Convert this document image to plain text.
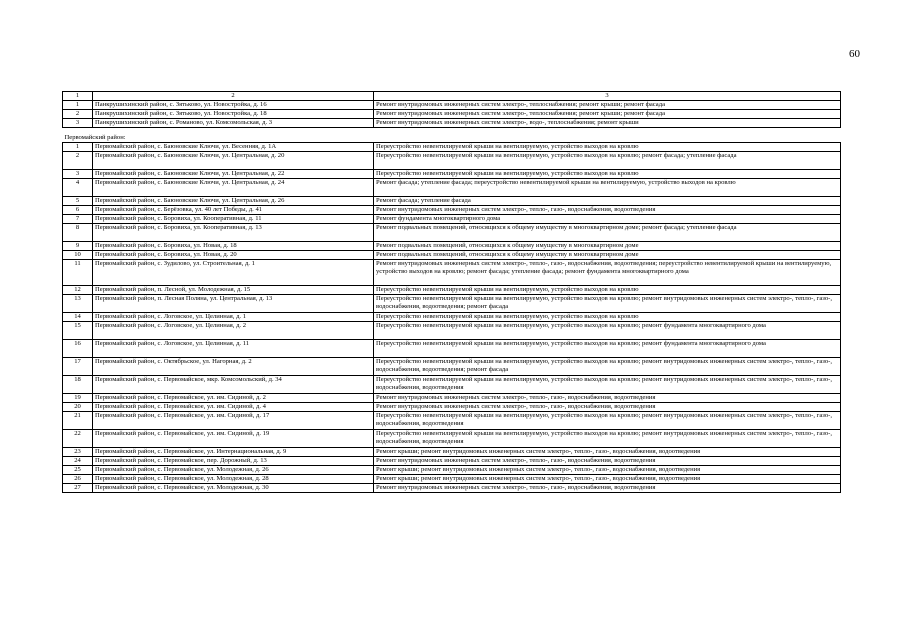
60
1	2	3
1	Панкрушихинский район, с. Зятьково, ул. Новостройка, д. 16	Ремонт внутридомовых инженерных систем электро-, теплоснабжения; ремонт крыши; ремонт фасада
2	Панкрушихинский район, с. Зятьково, ул. Новостройка, д. 18	Ремонт внутридомовых инженерных систем электро-, теплоснабжения; ремонт крыши; ремонт фасада
3	Панкрушихинский район, с. Романово, ул. Комсомольская, д. 3	Ремонт внутридомовых инженерных систем электро-, водо-, теплоснабжения; ремонт крыши
Первомайский район:		
1	Первомайский район, с. Баюновские Ключи, ул. Весенняя, д. 1А	Переустройство невентилируемой крыши на вентилируемую, устройство выходов на кровлю
2	Первомайский район, с. Баюновские Ключи, ул. Центральная, д. 20	Переустройство невентилируемой крыши на вентилируемую, устройство выходов на кровлю; ремонт фасада; утепление фасада
3	Первомайский район, с. Баюновские Ключи, ул. Центральная, д. 22	Переустройство невентилируемой крыши на вентилируемую, устройство выходов на кровлю
4	Первомайский район, с. Баюновские Ключи, ул. Центральная, д. 24	Ремонт фасада; утепление фасада; переустройство невентилируемой крыши на вентилируемую, устройство выходов на кровлю
5	Первомайский район, с. Баюновские Ключи, ул. Центральная, д. 26	Ремонт фасада; утепление фасада
6	Первомайский район, с. Берёзовка, ул. 40 лет Победы, д. 41	Ремонт внутридомовых инженерных систем электро-, тепло-, газо-, водоснабжения, водоотведения
7	Первомайский район, с. Боровиха, ул. Кооперативная, д. 11	Ремонт фундамента многоквартирного дома
8	Первомайский район, с. Боровиха, ул. Кооперативная, д. 13	Ремонт подвальных помещений, относящихся к общему имуществу в многоквартирном доме; ремонт фасада; утепление фасада
9	Первомайский район, с. Боровиха, ул. Новая, д. 18	Ремонт подвальных помещений, относящихся к общему имуществу в многоквартирном доме
10	Первомайский район, с. Боровиха, ул. Новая, д. 20	Ремонт подвальных помещений, относящихся к общему имуществу в многоквартирном доме
11	Первомайский район, с. Зудилово, ул. Строительная, д. 1	Ремонт внутридомовых инженерных систем электро-, тепло-, газо-, водоснабжения, водоотведения; переустройство невентилируемой крыши на вентилируемую, устройство выходов на кровлю; ремонт фасада; утепление фасада; ремонт фундамента многоквартирного дома
12	Первомайский район, п. Лесной, ул. Молодежная, д. 15	Переустройство невентилируемой крыши на вентилируемую, устройство выходов на кровлю
13	Первомайский район, п. Лесная Поляна, ул. Центральная, д. 13	Переустройство невентилируемой крыши на вентилируемую, устройство выходов на кровлю; ремонт внутридомовых инженерных систем электро-, тепло-, газо-, водоснабжения, водоотведения; ремонт фасада
14	Первомайский район, с. Логовское, ул. Целинная, д. 1	Переустройство невентилируемой крыши на вентилируемую, устройство выходов на кровлю
15	Первомайский район, с. Логовское, ул. Целинная, д. 2	Переустройство невентилируемой крыши на вентилируемую, устройство выходов на кровлю; ремонт фундамента многоквартирного дома
16	Первомайский район, с. Логовское, ул. Целинная, д. 11	Переустройство невентилируемой крыши на вентилируемую, устройство выходов на кровлю; ремонт фундамента многоквартирного дома
17	Первомайский район, с. Октябрьское, ул. Нагорная, д. 2	Переустройство невентилируемой крыши на вентилируемую, устройство выходов на кровлю; ремонт внутридомовых инженерных систем электро-, тепло-, газо-, водоснабжения, водоотведения; ремонт фасада
18	Первомайский район, с. Первомайское, мкр. Комсомольский, д. 34	Переустройство невентилируемой крыши на вентилируемую, устройство выходов на кровлю; ремонт внутридомовых инженерных систем электро-, тепло-, газо-, водоснабжения, водоотведения
19	Первомайский район, с. Первомайское, ул. им. Сидиной, д. 2	Ремонт внутридомовых инженерных систем электро-, тепло-, газо-, водоснабжения, водоотведения
20	Первомайский район, с. Первомайское, ул. им. Сидиной, д. 4	Ремонт внутридомовых инженерных систем электро-, тепло-, газо-, водоснабжения, водоотведения
21	Первомайский район, с. Первомайское, ул. им. Сидиной, д. 17	Переустройство невентилируемой крыши на вентилируемую, устройство выходов на кровлю; ремонт внутридомовых инженерных систем электро-, тепло-, газо-, водоснабжения, водоотведения
22	Первомайский район, с. Первомайское, ул. им. Сидиной, д. 19	Переустройство невентилируемой крыши на вентилируемую, устройство выходов на кровлю; ремонт внутридомовых инженерных систем электро-, тепло-, газо-, водоснабжения, водоотведения
23	Первомайский район, с. Первомайское, ул. Интернациональная, д. 9	Ремонт крыши; ремонт внутридомовых инженерных систем электро-, тепло-, газо-, водоснабжения, водоотведения
24	Первомайский район, с. Первомайское, пер. Дорожный, д. 13	Ремонт внутридомовых инженерных систем электро-, тепло-, газо-, водоснабжения, водоотведения
25	Первомайский район, с. Первомайское, ул. Молодежная, д. 26	Ремонт крыши; ремонт внутридомовых инженерных систем электро-, тепло-, газо-, водоснабжения, водоотведения
26	Первомайский район, с. Первомайское, ул. Молодежная, д. 28	Ремонт крыши; ремонт внутридомовых инженерных систем электро-, тепло-, газо-, водоснабжения, водоотведения
27	Первомайский район, с. Первомайское, ул. Молодежная, д. 30	Ремонт внутридомовых инженерных систем электро-, тепло-, газо-, водоснабжения, водоотведения
